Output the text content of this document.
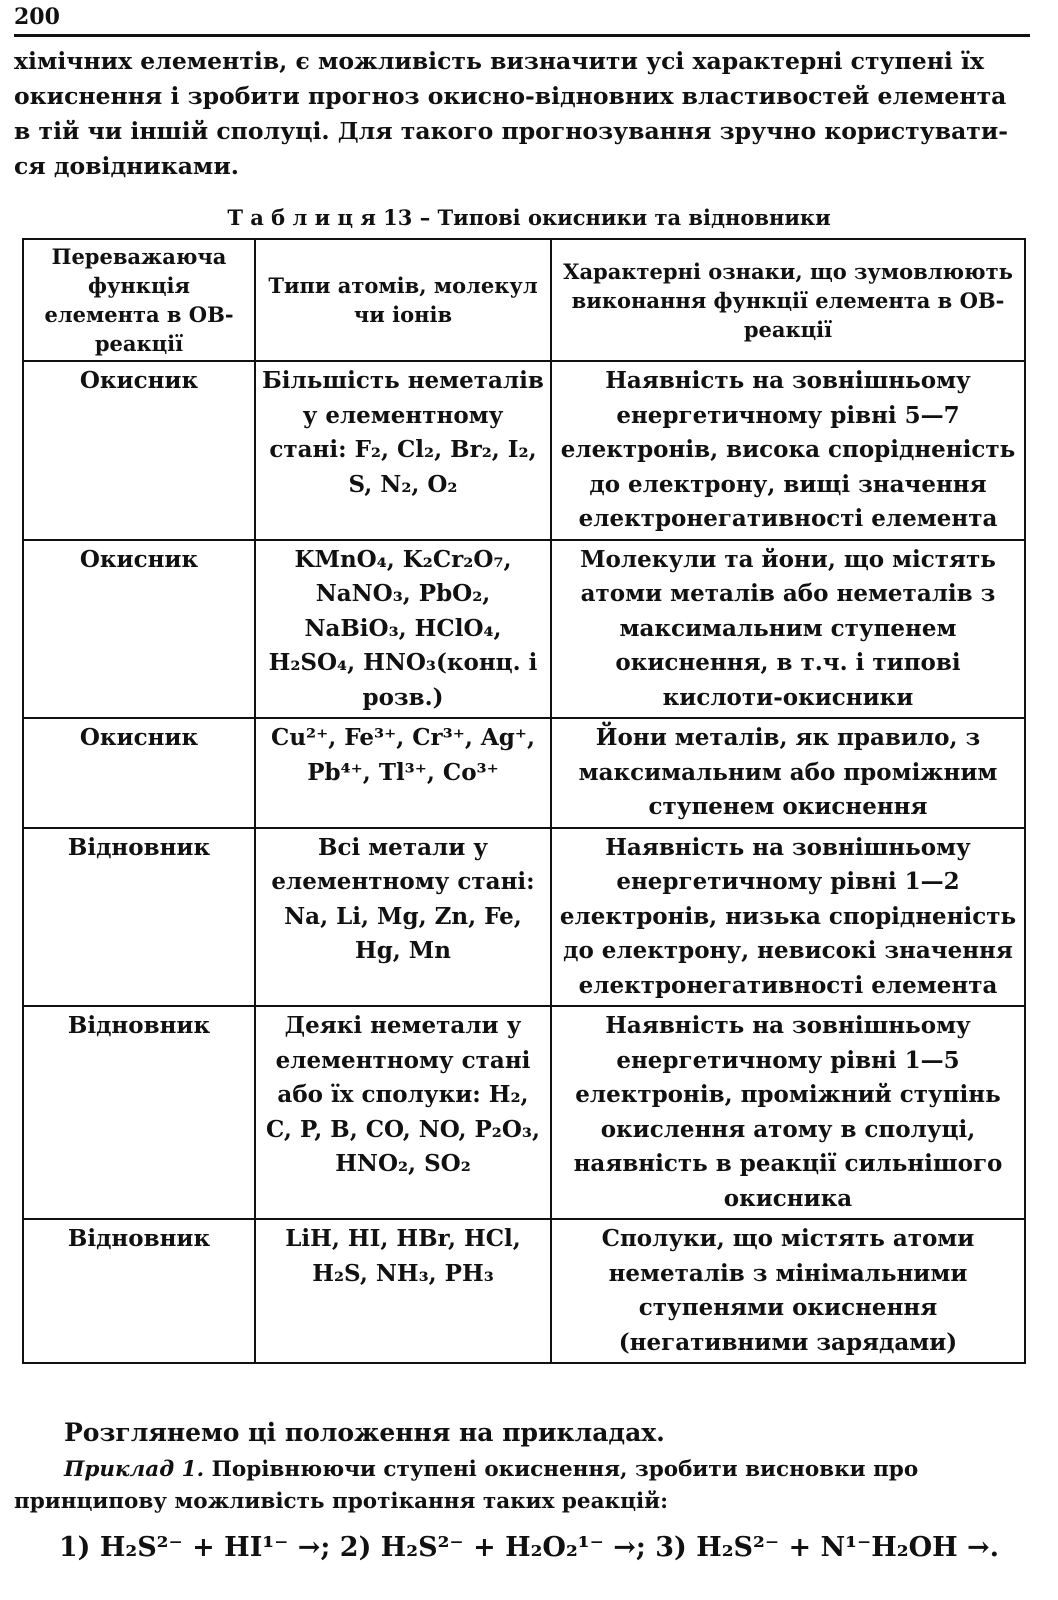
200
хімічних елементів, є можливість визначити усі характерні ступені їх
окиснення і зробити прогноз окисно-відновних властивостей елемента
в тій чи іншій сполуці. Для такого прогнозування зручно користувати-
ся довідниками.
Т а б л и ц я 13 – Типові окисники та відновники
Переважаюча функція елемента в ОВ-реакції	Типи атомів, молекул чи іонів	Характерні ознаки, що зумовлюють виконання функції елемента в ОВ-реакції
Окисник	Більшість неметалів у елементному стані: F₂, Cl₂, Br₂, I₂, S, N₂, O₂	Наявність на зовнішньому енергетичному рівні 5—7 електронів, висока спорідненість до електрону, вищі значення електронегативності елемента
Окисник	KMnO₄, K₂Cr₂O₇, NaNO₃, PbO₂, NaBiO₃, HClO₄, H₂SO₄, HNO₃(конц. і розв.)	Молекули та йони, що містять атоми металів або неметалів з максимальним ступенем окиснення, в т.ч. і типові кислоти-окисники
Окисник	Cu²⁺, Fe³⁺, Cr³⁺, Ag⁺, Pb⁴⁺, Tl³⁺, Co³⁺	Йони металів, як правило, з максимальним або проміжним ступенем окиснення
Відновник	Всі метали у елементному стані: Na, Li, Mg, Zn, Fe, Hg, Mn	Наявність на зовнішньому енергетичному рівні 1—2 електронів, низька спорідненість до електрону, невисокі значення електронегативності елемента
Відновник	Деякі неметали у елементному стані або їх сполуки: H₂, C, P, B, CO, NO, P₂O₃, HNO₂, SO₂	Наявність на зовнішньому енергетичному рівні 1—5 електронів, проміжний ступінь окислення атому в сполуці, наявність в реакції сильнішого окисника
Відновник	LiH, HI, HBr, HCl, H₂S, NH₃, PH₃	Сполуки, що містять атоми неметалів з мінімальними ступенями окиснення (негативними зарядами)
Розглянемо ці положення на прикладах.
Приклад 1. Порівнюючи ступені окиснення, зробити висновки про принципову можливість протікання таких реакцій:
1) H₂S²⁻ + HI¹⁻ →; 2) H₂S²⁻ + H₂O₂¹⁻ →; 3) H₂S²⁻ + N¹⁻H₂OH →.
